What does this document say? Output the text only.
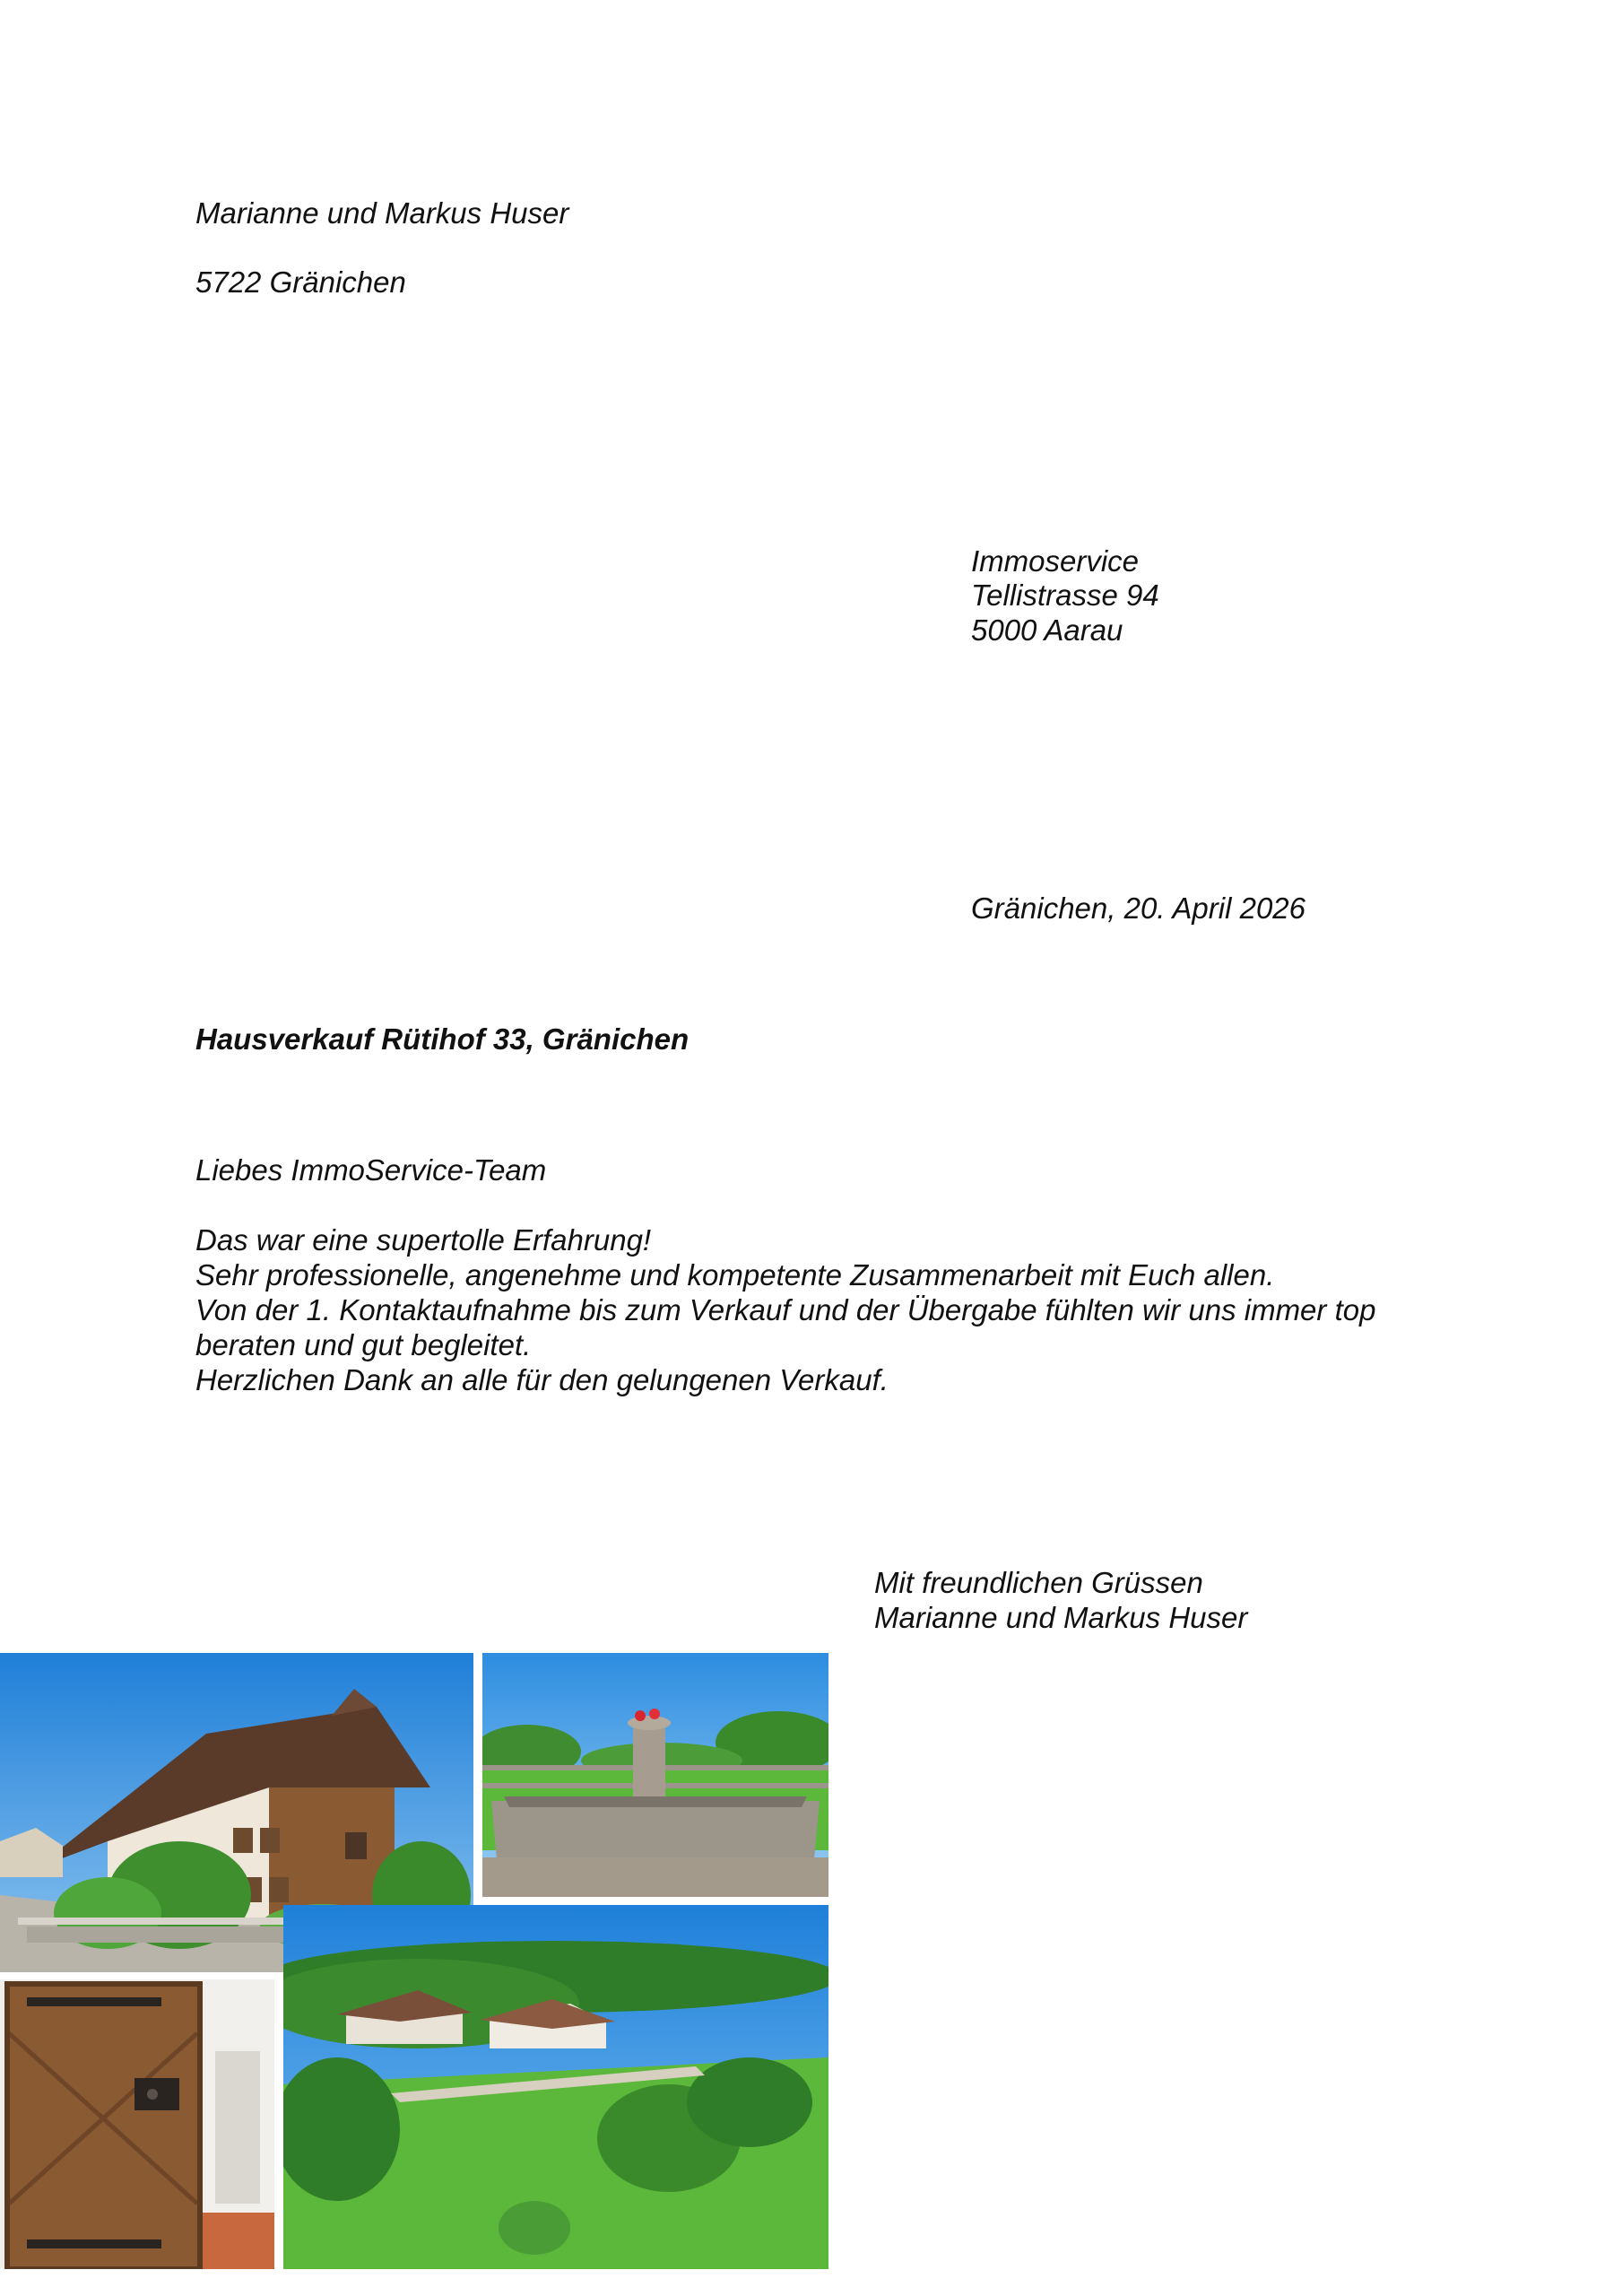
Marianne und Markus Huser

5722 Gränichen

Immoservice

Tellistrasse 94

5000 Aarau

Gränichen, 20. April 2026

Hausverkauf Rütihof 33, Gränichen

Liebes ImmoService-Team

Das war eine supertolle Erfahrung!

Sehr professionelle, angenehme und kompetente Zusammenarbeit mit Euch allen.

Von der 1. Kontaktaufnahme bis zum Verkauf und der Übergabe fühlten wir uns immer top

beraten und gut begleitet.

Herzlichen Dank an alle für den gelungenen Verkauf.

Mit freundlichen Grüssen

Marianne und Markus Huser
